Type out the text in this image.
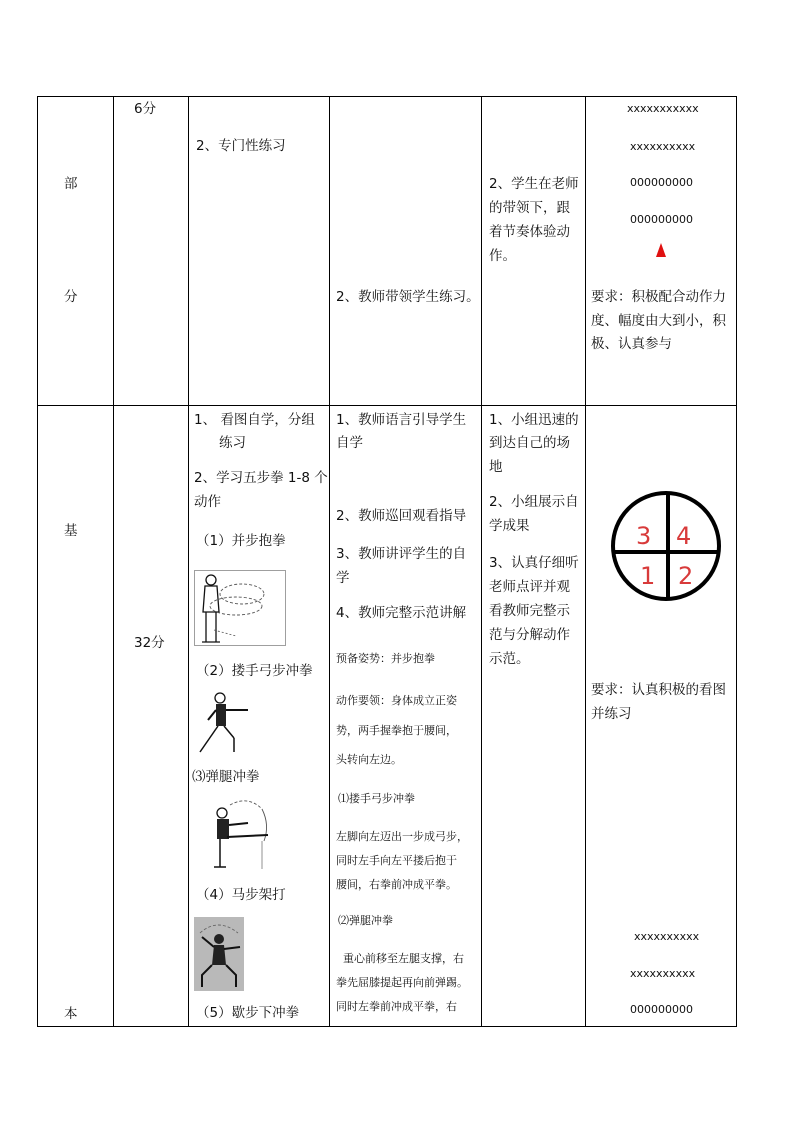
部
分
6分
2、专门性练习
2、教师带领学生练习。
2、学生在老师
的带领下，跟
着节奏体验动
作。
xxxxxxxxxxx
xxxxxxxxxx
000000000
000000000
要求：积极配合动作力
度、幅度由大到小，积
极、认真参与
基
本
32分
1、 看图自学，分组
练习
2、学习五步拳 1-8 个
动作
（1）并步抱拳
（2）搂手弓步冲拳
⑶弹腿冲拳
（4）马步架打
（5）歇步下冲拳
1、教师语言引导学生
自学
2、教师巡回观看指导
3、教师讲评学生的自
学
4、教师完整示范讲解
预备姿势：并步抱拳
动作要领：身体成立正姿
势，两手握拳抱于腰间，
头转向左边。
⑴搂手弓步冲拳
左脚向左迈出一步成弓步，
同时左手向左平搂后抱于
腰间，右拳前冲成平拳。
⑵弹腿冲拳
重心前移至左腿支撑，右
拳先屈膝提起再向前弹踢。
同时左拳前冲成平拳，右
1、小组迅速的
到达自己的场
地
2、小组展示自
学成果
3、认真仔细听
老师点评并观
看教师完整示
范与分解动作
示范。
3 4
1 2
要求：认真积极的看图
并练习
xxxxxxxxxx
xxxxxxxxxx
000000000
